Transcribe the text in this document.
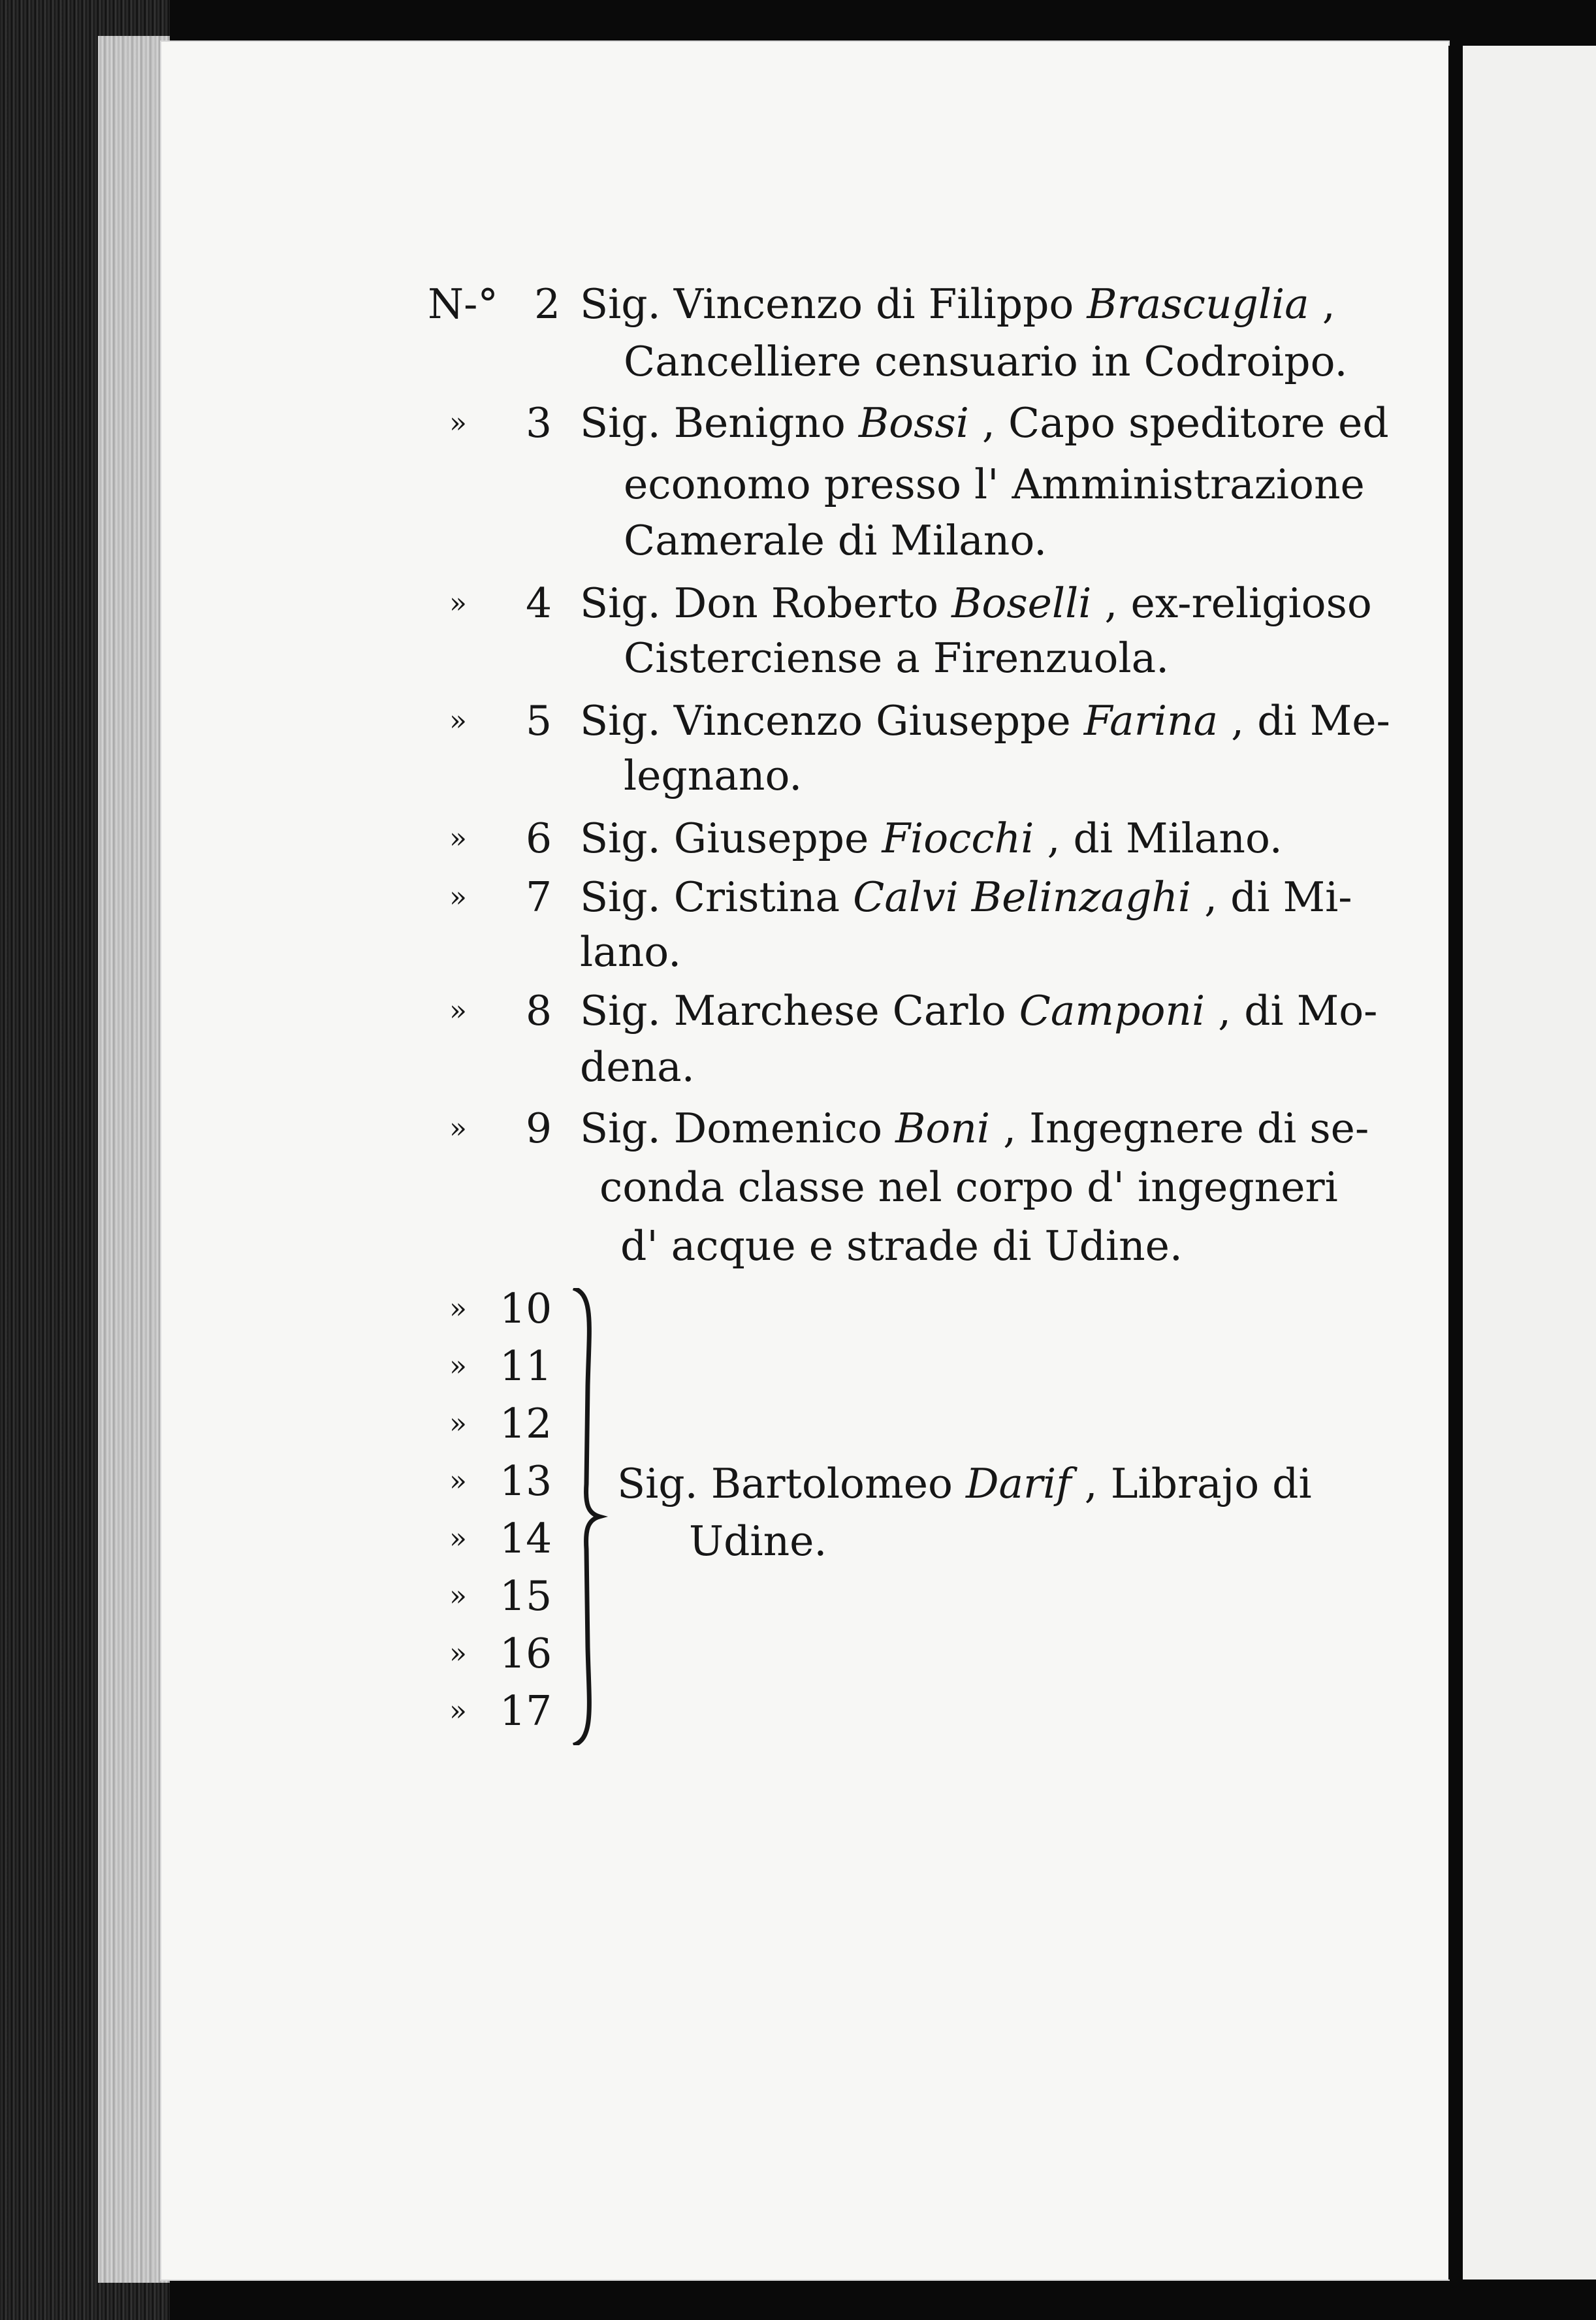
N-° 2 Sig. Vincenzo di Filippo Brascuglia ,
Cancelliere censuario in Codroipo.
» 3 Sig. Benigno Bossi , Capo speditore ed
economo presso l' Amministrazione
Camerale di Milano.
» 4 Sig. Don Roberto Boselli , ex-religioso
Cisterciense a Firenzuola.
» 5 Sig. Vincenzo Giuseppe Farina , di Me-
legnano.
» 6 Sig. Giuseppe Fiocchi , di Milano.
» 7 Sig. Cristina Calvi Belinzaghi , di Mi-
lano.
» 8 Sig. Marchese Carlo Camponi , di Mo-
dena.
» 9 Sig. Domenico Boni , Ingegnere di se-
conda classe nel corpo d' ingegneri
d' acque e strade di Udine.
» 10
» 11
» 12
» 13
» 14
» 15
» 16
» 17
Sig. Bartolomeo Darif , Librajo di
Udine.
